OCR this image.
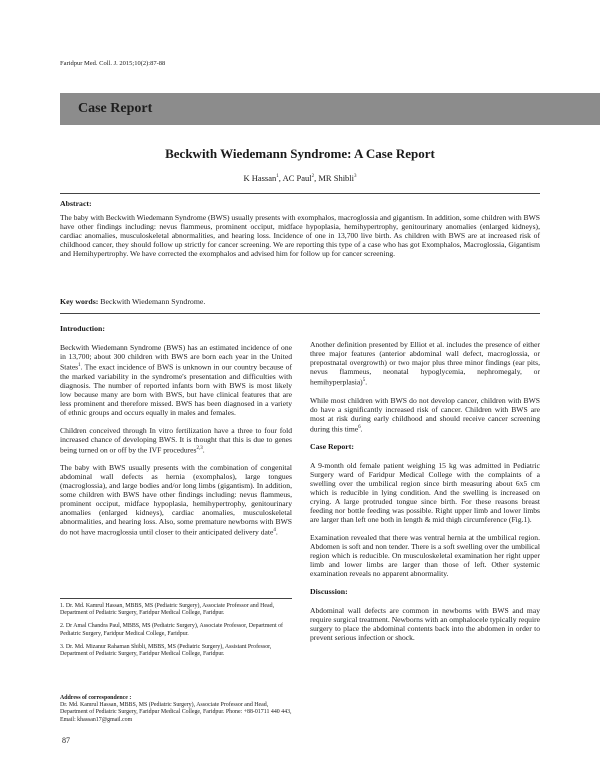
Faridpur Med. Coll. J. 2015;10(2):87-88
Case Report
Beckwith Wiedemann Syndrome: A Case Report
K Hassan$^1$, AC Paul$^2$, MR Shibli$^3$
Abstract:

The baby with Beckwith Wiedemann Syndrome (BWS) usually presents with exomphalos, macroglossia and gigantism. In addition, some children with BWS have other findings including: nevus flammeus, prominent occiput, midface hypoplasia, hemihypertrophy, genitourinary anomalies (enlarged kidneys), cardiac anomalies, musculoskeletal abnormalities, and hearing loss. Incidence of one in 13,700 live birth. As children with BWS are at increased risk of childhood cancer, they should follow up strictly for cancer screening. We are reporting this type of a case who has got Exomphalos, Macroglossia, Gigantism and Hemihypertrophy. We have corrected the exomphalos and advised him for follow up for cancer screening.

Key words: Beckwith Wiedemann Syndrome.
Introduction:

Beckwith Wiedemann Syndrome (BWS) has an estimated incidence of one in 13,700; about 300 children with BWS are born each year in the United States$^1$. The exact incidence of BWS is unknown in our country because of the marked variability in the syndrome's presentation and difficulties with diagnosis. The number of reported infants born with BWS is most likely low because many are born with BWS, but have clinical features that are less prominent and therefore missed. BWS has been diagnosed in a variety of ethnic groups and occurs equally in males and females.

Children conceived through In vitro fertilization have a three to four fold increased chance of developing BWS. It is thought that this is due to genes being turned on or off by the IVF procedures$^{2,3}$.

The baby with BWS usually presents with the combination of congenital abdominal wall defects as hernia (exomphalos), large tongues (macroglossia), and large bodies and/or long limbs (gigantism). In addition, some children with BWS have other findings including: nevus flammeus, prominent occiput, midface hypoplasia, hemihypertrophy, genitourinary anomalies (enlarged kidneys), cardiac anomalies, musculoskeletal abnormalities, and hearing loss. Also, some premature newborns with BWS do not have macroglossia until closer to their anticipated delivery date$^4$.

1. Dr. Md. Kamrul Hassan, MBBS, MS (Pediatric Surgery), Associate Professor and Head, Department of Pediatric Surgery, Faridpur Medical College, Faridpur.
2. Dr Amal Chandra Paul, MBBS, MS (Pediatric Surgery), Associate Professor, Department of Pediatric Surgery, Faridpur Medical College, Faridpur.
3. Dr. Md. Mizanur Rahaman Shibli, MBBS, MS (Pediatric Surgery), Assistant Professor, Department of Pediatric Surgery, Faridpur Medical College, Faridpur.
Address of correspondence :
Dr. Md. Kamrul Hassan, MBBS, MS (Pediatric Surgery), Associate Professor and Head, Department of Pediatric Surgery, Faridpur Medical College, Faridpur. Phone: +88-01711 440 443,
Email: khassan17@gmail.com
87

Another definition presented by Elliot et al. includes the presence of either three major features (anterior abdominal wall defect, macroglossia, or prepostnatal overgrowth) or two major plus three minor findings (ear pits, nevus flammeus, neonatal hypoglycemia, nephromegaly, or hemihyperplasia)$^5$.

While most children with BWS do not develop cancer, children with BWS do have a significantly increased risk of cancer. Children with BWS are most at risk during early childhood and should receive cancer screening during this time$^6$.

Case Report:

A 9-month old female patient weighing 15 kg was admitted in Pediatric Surgery ward of Faridpur Medical College with the complaints of a swelling over the umbilical region since birth measuring about 6x5 cm which is reducible in lying condition. And the swelling is increased on crying. A large protruded tongue since birth. For these reasons breast feeding nor bottle feeding was possible. Right upper limb and lower limbs are larger than left one both in length & mid thigh circumference (Fig.1).

Examination revealed that there was ventral hernia at the umbilical region. Abdomen is soft and non tender. There is a soft swelling over the umbilical region which is reducible. On musculoskeletal examination her right upper limb and lower limbs are larger than those of left. Other systemic examination reveals no apparent abnormality.

Discussion:

Abdominal wall defects are common in newborns with BWS and may require surgical treatment. Newborns with an omphalocele typically require surgery to place the abdominal contents back into the abdomen in order to prevent serious infection or shock.
